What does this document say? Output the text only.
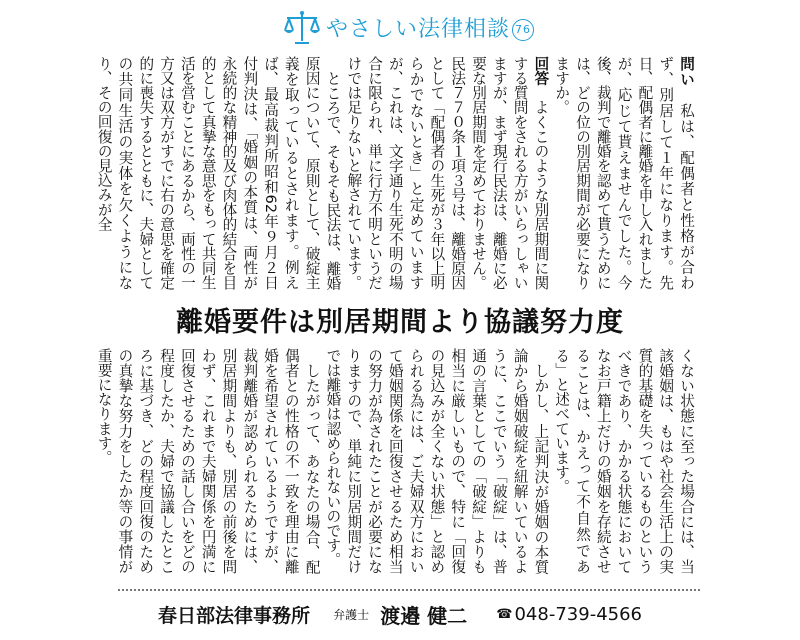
やさしい法律相談 76

問い　私は、配偶者と性格が合わず、別居して１年になります。先日、配偶者に離婚を申し入れましたが、応じて貰えませんでした。今後、裁判で離婚を認めて貰うためには、どの位の別居期間が必要になりますか。

回答　よくこのような別居期間に関する質問をされる方がいらっしゃいますが、まず現行民法は、離婚に必要な別居期間を定めておりません。民法７７０条１項３号は、離婚原因として「配偶者の生死が３年以上明らかでないとき」と定めていますが、これは、文字通り生死不明の場合に限られ、単に行方不明というだけでは足りないと解されています。

ところで、そもそも民法は、離婚原因について、原則として、破綻主義を取っているとされます。例えば、最高裁判所昭和62年９月２日付判決は、「婚姻の本質は、両性が永続的な精神的及び肉体的結合を目的として真摯な意思をもって共同生活を営むことにあるから、両性の一方又は双方がすでに右の意思を確定的に喪失するとともに、夫婦としての共同生活の実体を欠くようになり、その回復の見込みが全

離婚要件は別居期間より協議努力度

くない状態に至った場合には、当該婚姻は、もはや社会生活上の実質的基礎を失っているものというべきであり、かかる状態においてなお戸籍上だけの婚姻を存続させることは、かえって不自然である」と述べています。

しかし、上記判決が婚姻の本質論から婚姻破綻を紐解いているように、ここでいう「破綻」は、普通の言葉としての「破綻」よりも相当に厳しいもので、特に「回復の見込みが全くない状態」と認められる為には、ご夫婦双方において婚姻関係を回復させるため相当の努力が為されたことが必要になりますので、単純に別居期間だけでは離婚は認められないのです。

したがって、あなたの場合、配偶者との性格の不一致を理由に離婚を希望されているようですが、裁判離婚が認められるためには、別居期間よりも、別居の前後を問わず、これまで夫婦関係を円満に回復させるための話し合いをどの程度したか、夫婦で協議したところに基づき、どの程度回復のための真摯な努力をしたか等の事情が重要になります。

春日部法律事務所 弁護士 渡邉 健二 ☎ 048-739-4566
